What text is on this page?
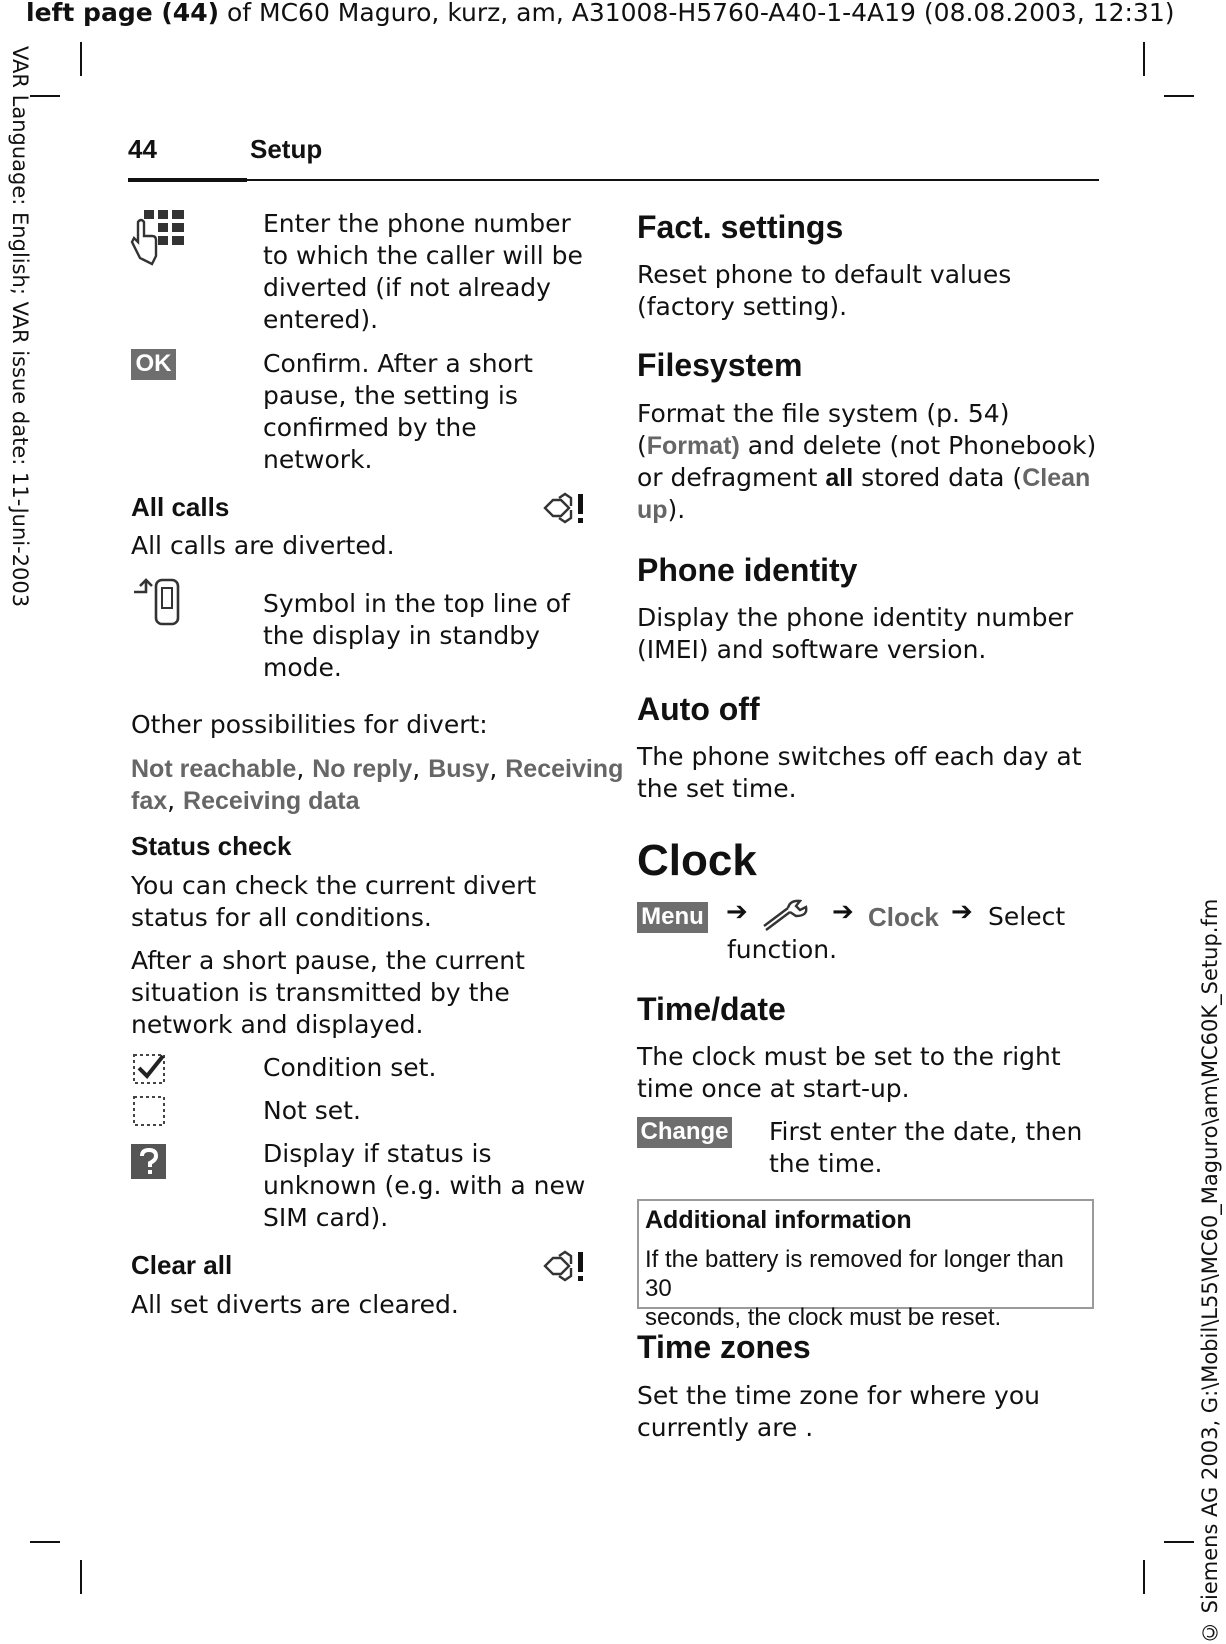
left page (44) of MC60 Maguro, kurz, am, A31008-H5760-A40-1-4A19 (08.08.2003, 12:31)
VAR Language: English; VAR issue date: 11-Juni-2003
© Siemens AG 2003, G:\Mobil\L55\MC60_Maguro\am\MC60K_Setup.fm
44	Setup
Enter the phone number
to which the caller will be
diverted (if not already
entered).
OK	Confirm. After a short
pause, the setting is
confirmed by the
network.
All calls
All calls are diverted.
Symbol in the top line of
the display in standby
mode.
Other possibilities for divert:
Not reachable, No reply, Busy, Receiving
fax, Receiving data
Status check
You can check the current divert
status for all conditions.
After a short pause, the current
situation is transmitted by the
network and displayed.
Condition set.
Not set.
Display if status is
unknown (e.g. with a new
SIM card).
Clear all
All set diverts are cleared.
Fact. settings
Reset phone to default values
(factory setting).
Filesystem
Format the file system (p. 54)
(Format) and delete (not Phonebook)
or defragment all stored data (Clean
up).
Phone identity
Display the phone identity number
(IMEI) and software version.
Auto off
The phone switches off each day at
the set time.
Clock
Menu ➔	➔ Clock ➔ Select
function.
Time/date
The clock must be set to the right
time once at start-up.
Change First enter the date, then
the time.
Additional information
If the battery is removed for longer than 30
seconds, the clock must be reset.
Time zones
Set the time zone for where you
currently are .
